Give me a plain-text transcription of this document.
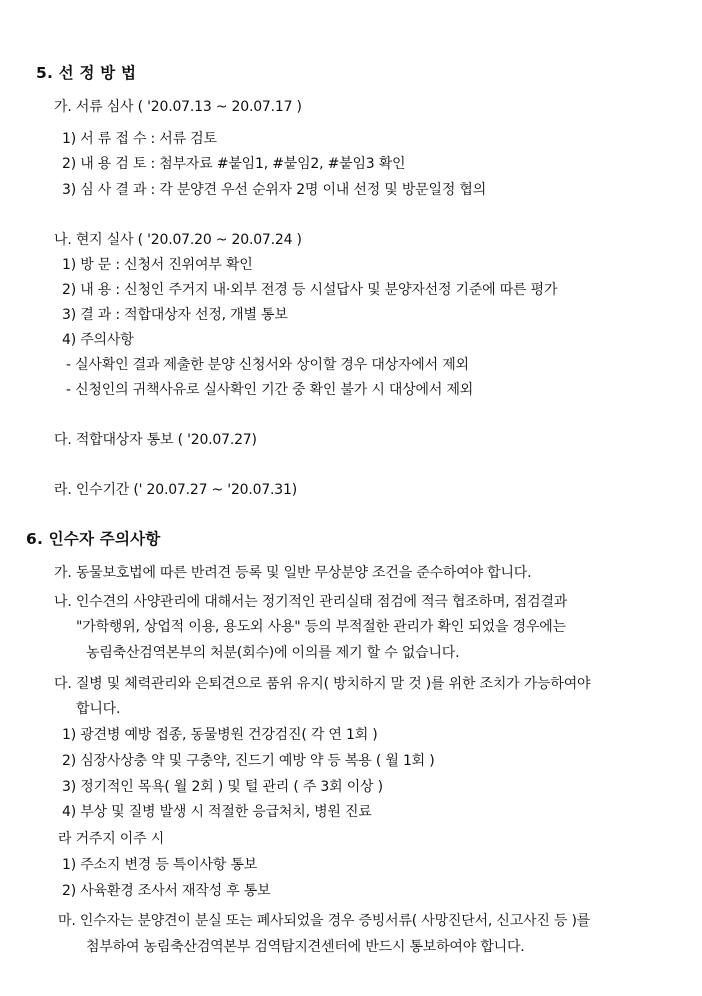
5. 선 정 방 법
가. 서류 심사 ( '20.07.13 ~ 20.07.17 )
1) 서 류 접 수 : 서류 검토
2) 내 용 검 토 : 첨부자료 #붙임1, #붙임2, #붙임3 확인
3) 심 사 결 과 : 각 분양견 우선 순위자 2명 이내 선정 및 방문일정 협의
나. 현지 실사 ( '20.07.20 ~ 20.07.24 )
1) 방 문 : 신청서 진위여부 확인
2) 내 용 : 신청인 주거지 내·외부 전경 등 시설답사 및 분양자선정 기준에 따른 평가
3) 결 과 : 적합대상자 선정, 개별 통보
4) 주의사항
- 실사확인 결과 제출한 분양 신청서와 상이할 경우 대상자에서 제외
- 신청인의 귀책사유로 실사확인 기간 중 확인 불가 시 대상에서 제외
다. 적합대상자 통보 ( '20.07.27)
라. 인수기간 (' 20.07.27 ~ '20.07.31)
6. 인수자 주의사항
가. 동물보호법에 따른 반려견 등록 및 일반 무상분양 조건을 준수하여야 합니다.
나. 인수견의 사양관리에 대해서는 정기적인 관리실태 점검에 적극 협조하며, 점검결과
"가학행위, 상업적 이용, 용도외 사용" 등의 부적절한 관리가 확인 되었을 경우에는
농림축산검역본부의 처분(회수)에 이의를 제기 할 수 없습니다.
다. 질병 및 체력관리와 은퇴견으로 품위 유지( 방치하지 말 것 )를 위한 조치가 가능하여야
합니다.
1) 광견병 예방 접종, 동물병원 건강검진( 각 연 1회 )
2) 심장사상충 약 및 구충약, 진드기 예방 약 등 복용 ( 월 1회 )
3) 정기적인 목욕( 월 2회 ) 및 털 관리 ( 주 3회 이상 )
4) 부상 및 질병 발생 시 적절한 응급처치, 병원 진료
라 거주지 이주 시
1) 주소지 변경 등 특이사항 통보
2) 사육환경 조사서 재작성 후 통보
마. 인수자는 분양견이 분실 또는 폐사되었을 경우 증빙서류( 사망진단서, 신고사진 등 )를
첨부하여 농림축산검역본부 검역탐지견센터에 반드시 통보하여야 합니다.
